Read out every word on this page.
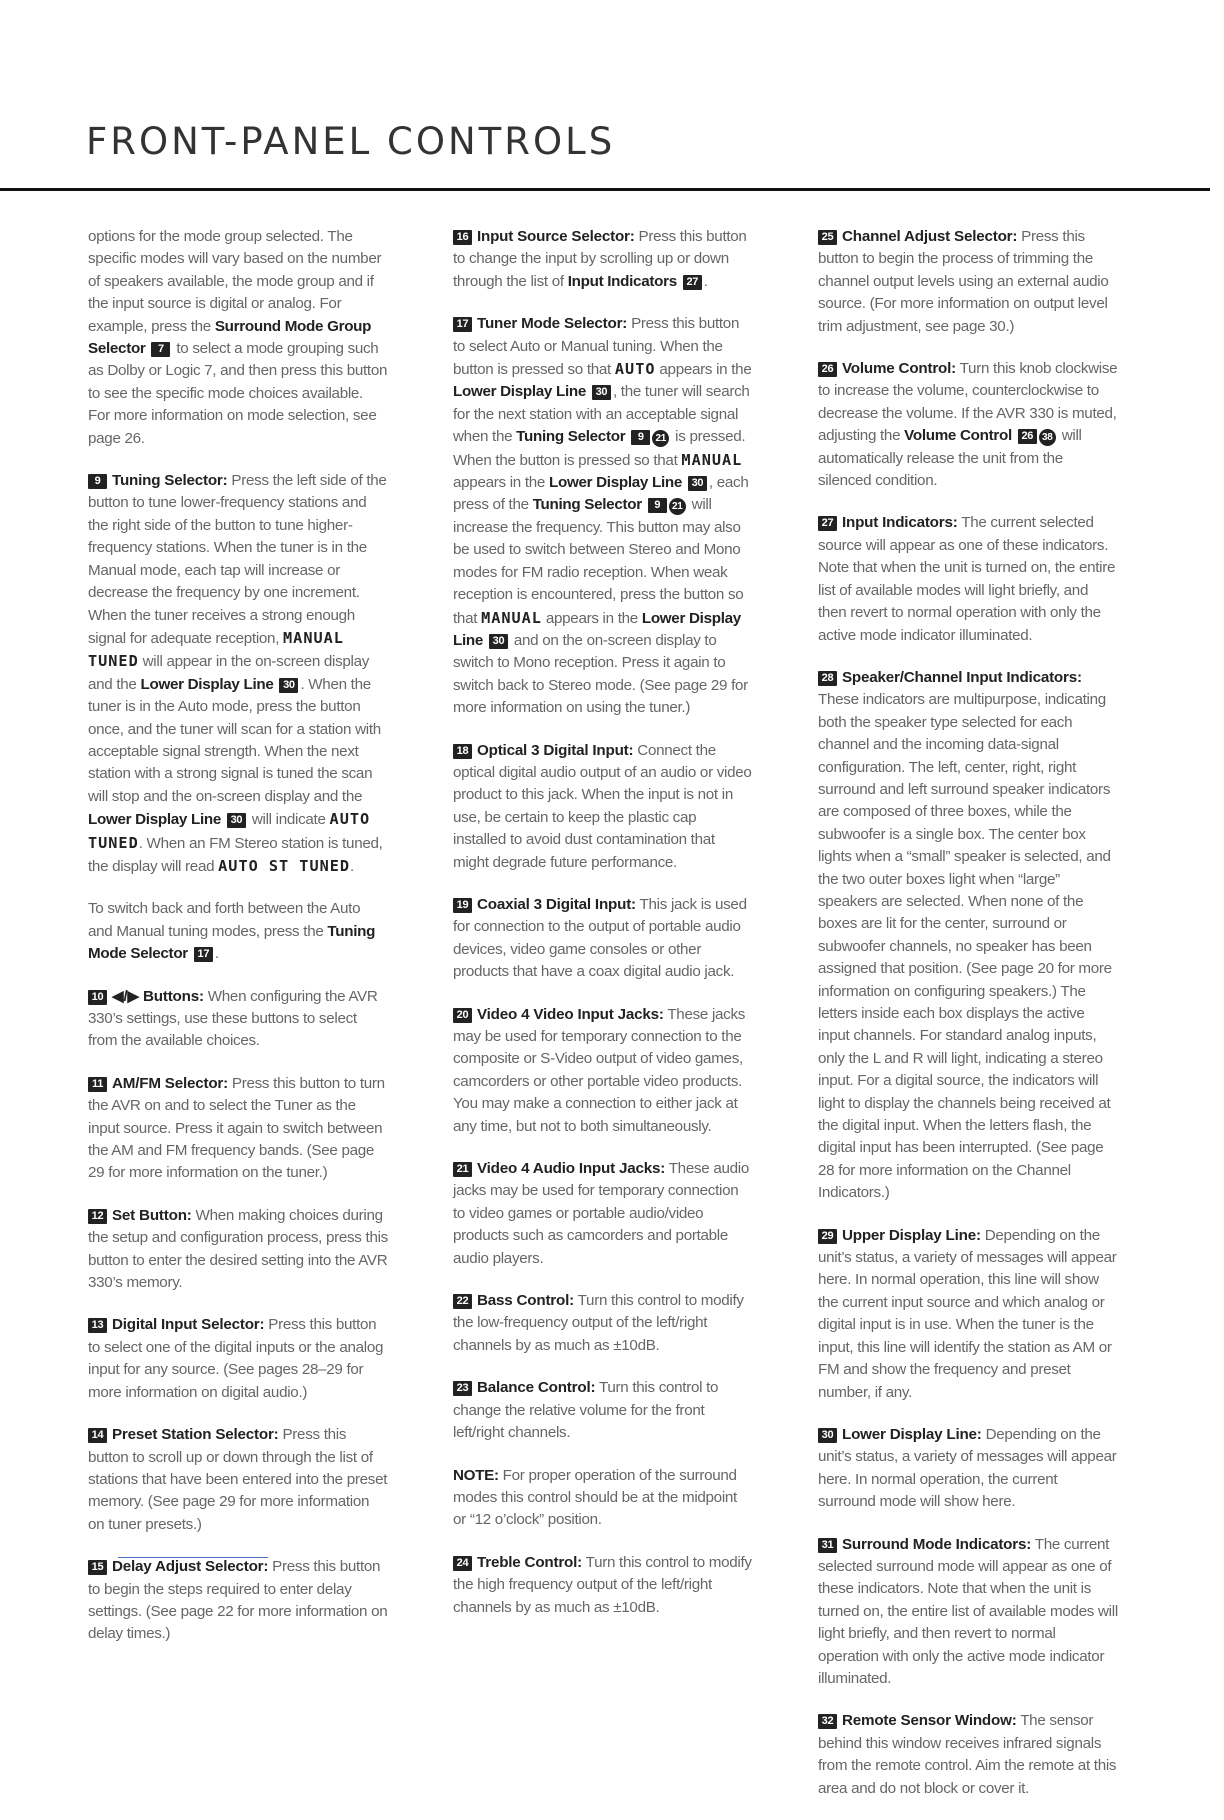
FRONT-PANEL CONTROLS

options for the mode group selected. The specific modes will vary based on the number of speakers available, the mode group and if the input source is digital or analog. For example, press the Surround Mode Group Selector 7 to select a mode grouping such as Dolby or Logic 7, and then press this button to see the specific mode choices available. For more information on mode selection, see page 26.

9 Tuning Selector: Press the left side of the button to tune lower-frequency stations and the right side of the button to tune higher-frequency stations. When the tuner is in the Manual mode, each tap will increase or decrease the frequency by one increment. When the tuner receives a strong enough signal for adequate reception, MANUAL TUNED will appear in the on-screen display and the Lower Display Line 30 . When the tuner is in the Auto mode, press the button once, and the tuner will scan for a station with acceptable signal strength. When the next station with a strong signal is tuned the scan will stop and the on-screen display and the Lower Display Line 30 will indicate AUTO TUNED. When an FM Stereo station is tuned, the display will read AUTO ST TUNED.

To switch back and forth between the Auto and Manual tuning modes, press the Tuning Mode Selector 17 .

10 ◀/▶ Buttons: When configuring the AVR 330’s settings, use these buttons to select from the available choices.

11 AM/FM Selector: Press this button to turn the AVR on and to select the Tuner as the input source. Press it again to switch between the AM and FM frequency bands. (See page 29 for more information on the tuner.)

12 Set Button: When making choices during the setup and configuration process, press this button to enter the desired setting into the AVR 330’s memory.

13 Digital Input Selector: Press this button to select one of the digital inputs or the analog input for any source. (See pages 28–29 for more information on digital audio.)

14 Preset Station Selector: Press this button to scroll up or down through the list of stations that have been entered into the preset memory. (See page 29 for more information on tuner presets.)

15 Delay Adjust Selector: Press this button to begin the steps required to enter delay settings. (See page 22 for more information on delay times.)

16 Input Source Selector: Press this button to change the input by scrolling up or down through the list of Input Indicators 27 .

17 Tuner Mode Selector: Press this button to select Auto or Manual tuning. When the button is pressed so that AUTO appears in the Lower Display Line 30 , the tuner will search for the next station with an acceptable signal when the Tuning Selector 9 21 is pressed. When the button is pressed so that MANUAL appears in the Lower Display Line 30 , each press of the Tuning Selector 9 21 will increase the frequency. This button may also be used to switch between Stereo and Mono modes for FM radio reception. When weak reception is encountered, press the button so that MANUAL appears in the Lower Display Line 30 and on the on-screen display to switch to Mono reception. Press it again to switch back to Stereo mode. (See page 29 for more information on using the tuner.)

18 Optical 3 Digital Input: Connect the optical digital audio output of an audio or video product to this jack. When the input is not in use, be certain to keep the plastic cap installed to avoid dust contamination that might degrade future performance.

19 Coaxial 3 Digital Input: This jack is used for connection to the output of portable audio devices, video game consoles or other products that have a coax digital audio jack.

20 Video 4 Video Input Jacks: These jacks may be used for temporary connection to the composite or S-Video output of video games, camcorders or other portable video products. You may make a connection to either jack at any time, but not to both simultaneously.

21 Video 4 Audio Input Jacks: These audio jacks may be used for temporary connection to video games or portable audio/video products such as camcorders and portable audio players.

22 Bass Control: Turn this control to modify the low-frequency output of the left/right channels by as much as ±10dB.

23 Balance Control: Turn this control to change the relative volume for the front left/right channels.

NOTE: For proper operation of the surround modes this control should be at the midpoint or “12 o’clock” position.

24 Treble Control: Turn this control to modify the high frequency output of the left/right channels by as much as ±10dB.

25 Channel Adjust Selector: Press this button to begin the process of trimming the channel output levels using an external audio source. (For more information on output level trim adjustment, see page 30.)

26 Volume Control: Turn this knob clockwise to increase the volume, counterclockwise to decrease the volume. If the AVR 330 is muted, adjusting the Volume Control 26 38 will automatically release the unit from the silenced condition.

27 Input Indicators: The current selected source will appear as one of these indicators. Note that when the unit is turned on, the entire list of available modes will light briefly, and then revert to normal operation with only the active mode indicator illuminated.

28 Speaker/Channel Input Indicators: These indicators are multipurpose, indicating both the speaker type selected for each channel and the incoming data-signal configuration. The left, center, right, right surround and left surround speaker indicators are composed of three boxes, while the subwoofer is a single box. The center box lights when a “small” speaker is selected, and the two outer boxes light when “large” speakers are selected. When none of the boxes are lit for the center, surround or subwoofer channels, no speaker has been assigned that position. (See page 20 for more information on configuring speakers.) The letters inside each box displays the active input channels. For standard analog inputs, only the L and R will light, indicating a stereo input. For a digital source, the indicators will light to display the channels being received at the digital input. When the letters flash, the digital input has been interrupted. (See page 28 for more information on the Channel Indicators.)

29 Upper Display Line: Depending on the unit’s status, a variety of messages will appear here. In normal operation, this line will show the current input source and which analog or digital input is in use. When the tuner is the input, this line will identify the station as AM or FM and show the frequency and preset number, if any.

30 Lower Display Line: Depending on the unit’s status, a variety of messages will appear here. In normal operation, the current surround mode will show here.

31 Surround Mode Indicators: The current selected surround mode will appear as one of these indicators. Note that when the unit is turned on, the entire list of available modes will light briefly, and then revert to normal operation with only the active mode indicator illuminated.

32 Remote Sensor Window: The sensor behind this window receives infrared signals from the remote control. Aim the remote at this area and do not block or cover it.
